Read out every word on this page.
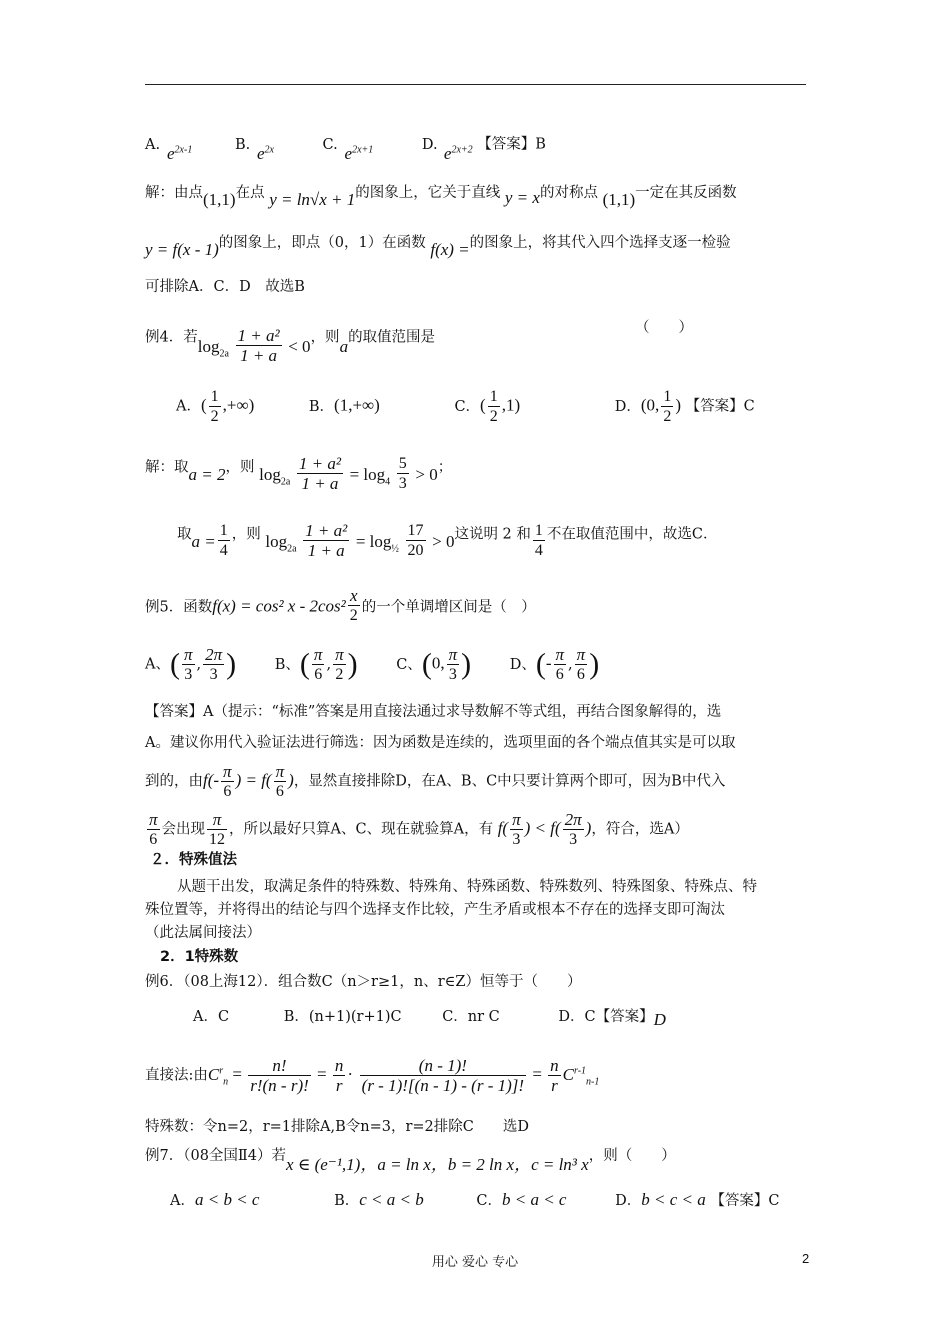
A. $e^{2x-1}$	B. $e^{2x}$	C. $e^{2x+1}$	D. $e^{2x+2}$ 【答案】B
解：由点(1,1)在点 y = ln√x + 1的图象上，它关于直线 y = x的对称点 (1,1)一定在其反函数
y = f(x - 1)的图象上，即点（0，1）在函数 f(x) =的图象上，将其代入四个选择支逐一检验
可排除A．C．D　故选B
例4．若$\log_{2a} \frac{\text{1 + a²}}{1 + a} < 0$，则a的取值范围是
（　　）
A．( $\frac{1}{2}$ ,+∞)	B．(1,+∞)	C．( $\frac{1}{2} ,1$)	D．(0, $\frac{1}{2}$ ) 【答案】C
解：取a = 2，则 $\log_{2a} \frac{\text{1 + a²}}{1 + a} = \log_4 \frac{5}{3} > 0$；
取$a = \frac{1}{4}$ ，则 $\log_{2a} \frac{\text{1 + a²}}{1 + a} = \log_{\frac{1}{2}} \frac{17}{20} > 0$这说明 2 和 $\frac{1}{4}$ 不在取值范围中，故选C．
例5．函数f(x) = cos² x - $2\cos^2 \frac{x}{2}$ 的一个单调增区间是（　）
A、( $\frac{\pi}{3}$ , $\frac{2\pi}{3}$ )	B、( $\frac{\pi}{6}$ , $\frac{\pi}{2}$ )	C、(0, $\frac{\pi}{3}$ )	D、(- $\frac{\pi}{6}$ , $\frac{\pi}{6}$ )
【答案】A（提示：“标准”答案是用直接法通过求导数解不等式组，再结合图象解得的，选
A。建议你用代入验证法进行筛选：因为函数是连续的，选项里面的各个端点值其实是可以取
到的，由$f(- \frac{\pi}{6}$ ) = $f( \frac{\pi}{6}$ )，显然直接排除D，在A、B、C中只要计算两个即可，因为B中代入
$\frac{\pi}{6}$ 会出现 $\frac{\pi}{12}$ ，所以最好只算A、C、现在就验算A，有 $f( \frac{\pi}{3}$ ) < $f( \frac{2\pi}{3}$ )，符合，选A）
２．特殊值法
从题干出发，取满足条件的特殊数、特殊角、特殊函数、特殊数列、特殊图象、特殊点、特
殊位置等，并将得出的结论与四个选择支作比较，产生矛盾或根本不存在的选择支即可淘汰
（此法属间接法）
2．1特殊数
例6．（08上海12）．组合数C（n＞r≥1，n、r∈Z）恒等于（　　）
A．C	B．(n+1)(r+1)C	C．nr C	D．C【答案】D
直接法:由$C^r_n = \frac{n!}{r!(n - r)!} = \frac{n}{r} \cdot \frac{(n - 1)!}{(r - 1)![(n - 1) - (r - 1)]!} = \frac{n}{r} C^{r-1}_{n-1}$
特殊数：令n=2，r=1排除A,B令n=3，r=2排除C　　选D
例7．（08全国Ⅱ4）若x ∈ (e⁻¹,1)，a = ln x，b = 2 ln x，c = ln³ x，则（　　）
A．a < b < c	B．c < a < b	C．b < a < c	D．b < c < a 【答案】C
用心 爱心 专心	2
